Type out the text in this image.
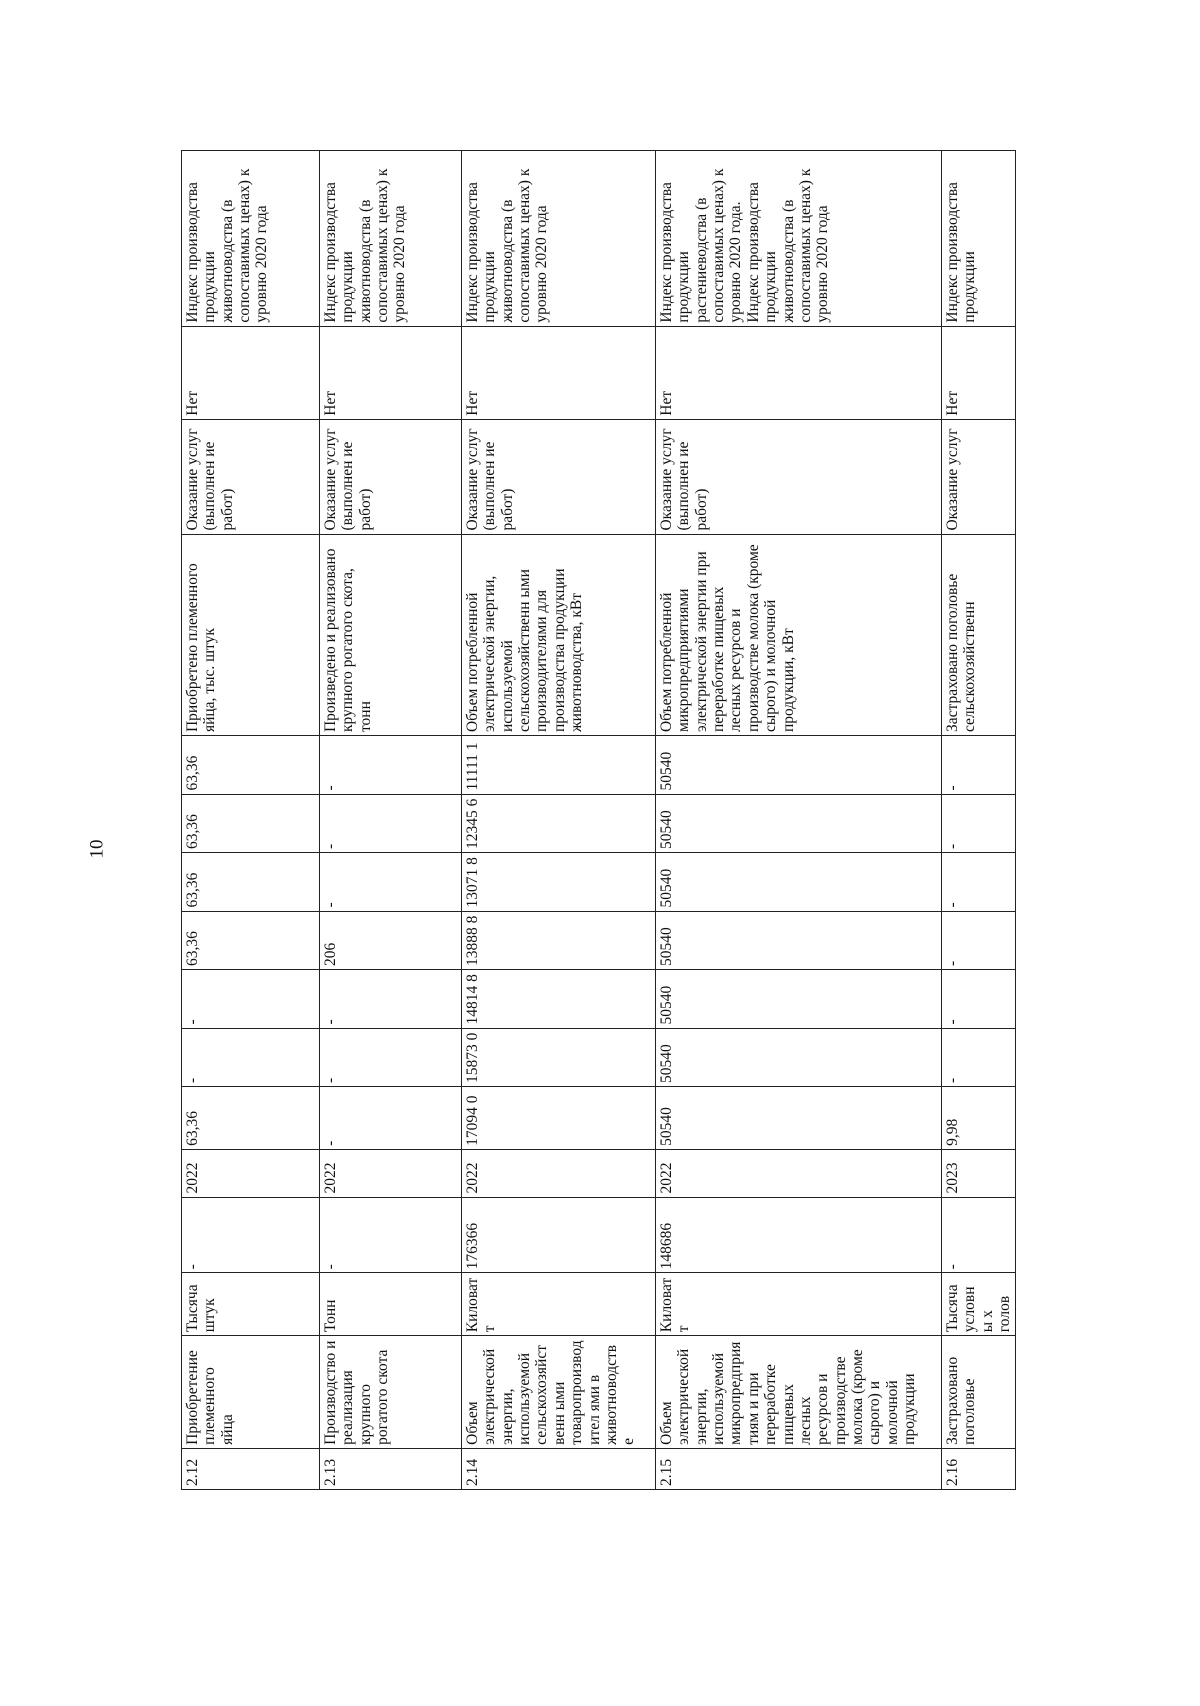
10
2.12	Приобретение племенного яйца	Тысяча штук	-	2022	63,36	-	-	63,36	63,36	63,36	63,36	Приобретено племенного яйца, тыс. штук	Оказание услуг (выполнен ие работ)	Нет	Индекс производства продукции животноводства (в сопоставимых ценах) к уровню 2020 года
2.13	Производство и реализация крупного рогатого скота	Тонн	-	2022	-	-	-	206	-	-	-	Произведено и реализовано крупного рогатого скота, тонн	Оказание услуг (выполнен ие работ)	Нет	Индекс производства продукции животноводства (в сопоставимых ценах) к уровню 2020 года
2.14	Объем электрической энергии, используемой сельскохозяйственн ыми товаропроизводител ями в животноводстве	Киловат т	176366	2022	17094 0	15873 0	14814 8	13888 8	13071 8	12345 6	11111 1	Объем потребленной электрической энергии, используемой сельскохозяйственн ыми производителями для производства продукции животноводства, кВт	Оказание услуг (выполнен ие работ)	Нет	Индекс производства продукции животноводства (в сопоставимых ценах) к уровню 2020 года
2.15	Объем электрической энергии, используемой микропредприятиям и при переработке пищевых лесных ресурсов и производстве молока (кроме сырого) и молочной продукции	Киловат т	148686	2022	50540	50540	50540	50540	50540	50540	50540	Объем потребленной микропредприятиями электрической энергии при переработке пищевых лесных ресурсов и производстве молока (кроме сырого) и молочной продукции, кВт	Оказание услуг (выполнен ие работ)	Нет	Индекс производства продукции растениеводства (в сопоставимых ценах) к уровню 2020 года. Индекс производства продукции животноводства (в сопоставимых ценах) к уровню 2020 года
2.16	Застраховано поголовье	Тысяча условны х голов	-	2023	9,98	-	-	-	-	-	-	Застраховано поголовье сельскохозяйственн	Оказание услуг	Нет	Индекс производства продукции
